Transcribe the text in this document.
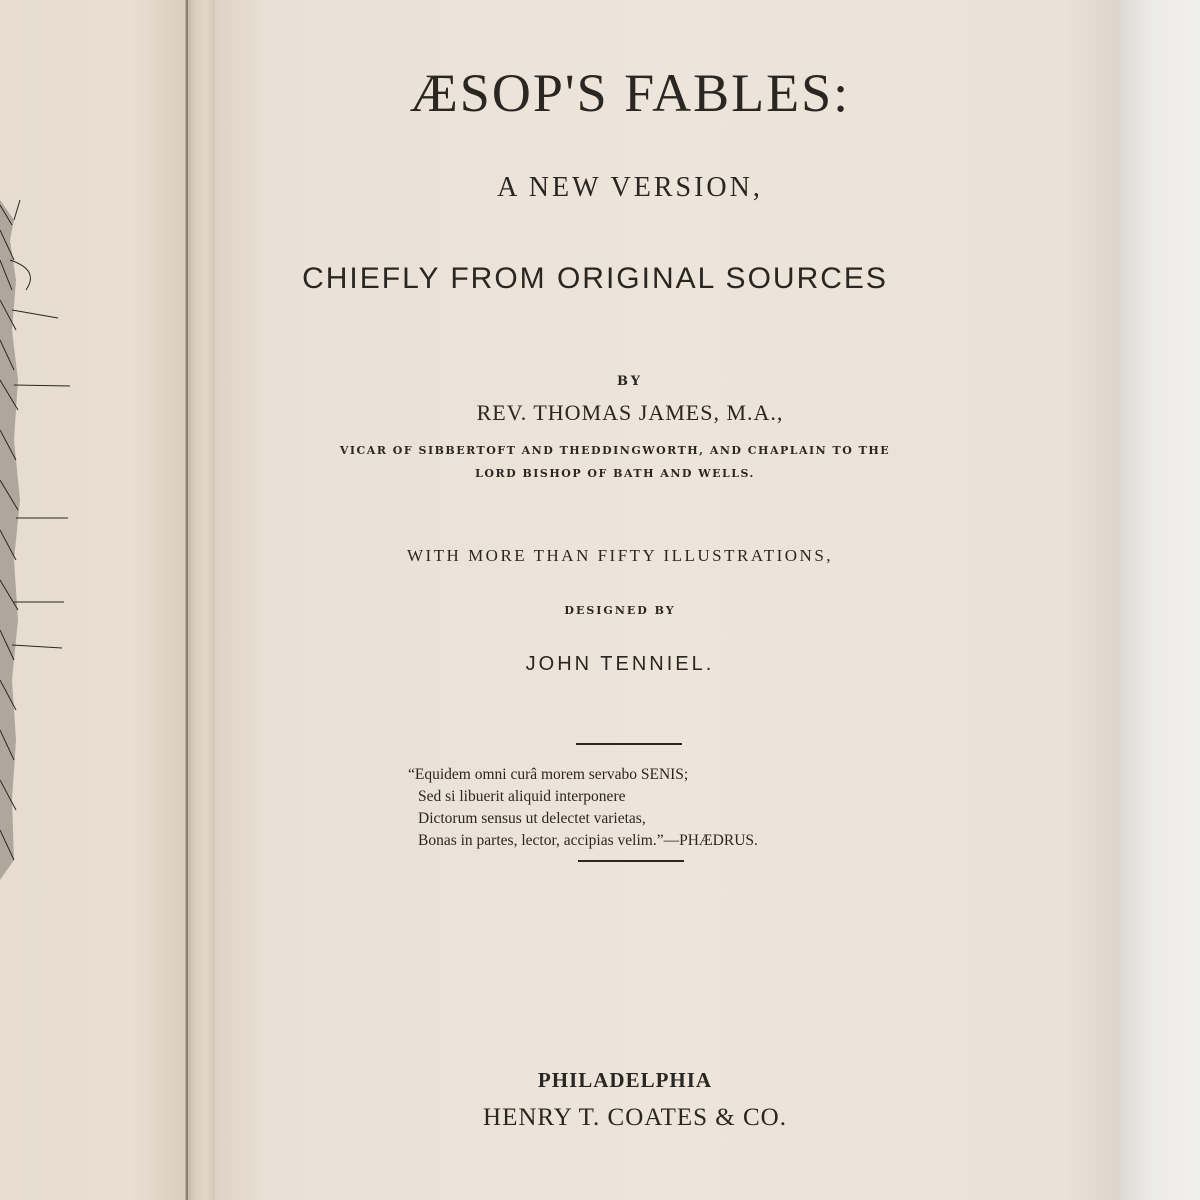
ÆSOP'S FABLES:
A NEW VERSION,
CHIEFLY FROM ORIGINAL SOURCES
BY
REV. THOMAS JAMES, M.A.,
VICAR OF SIBBERTOFT AND THEDDINGWORTH, AND CHAPLAIN TO THE
LORD BISHOP OF BATH AND WELLS.
WITH MORE THAN FIFTY ILLUSTRATIONS,
DESIGNED BY
JOHN TENNIEL.
“Equidem omni curâ morem servabo SENIS;
Sed si libuerit aliquid interponere
Dictorum sensus ut delectet varietas,
Bonas in partes, lector, accipias velim.”—PHÆDRUS.
PHILADELPHIA
HENRY T. COATES & CO.
